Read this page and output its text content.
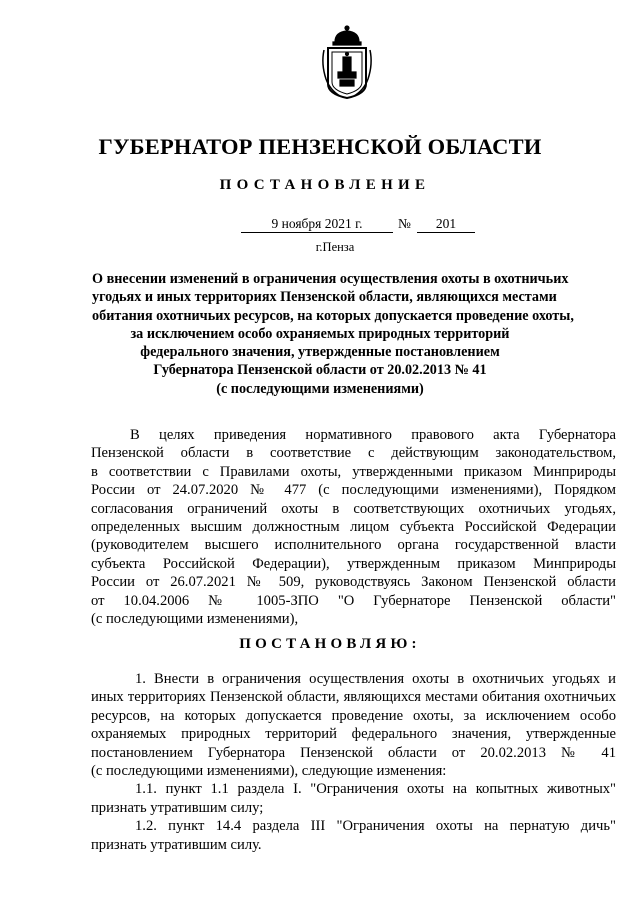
ГУБЕРНАТОР ПЕНЗЕНСКОЙ ОБЛАСТИ
ПОСТАНОВЛЕНИЕ
9 ноября 2021 г.	№	201
г.Пенза
О внесении изменений в ограничения осуществления охоты в охотничьих
угодьях и иных территориях Пензенской области, являющихся местами
обитания охотничьих ресурсов, на которых допускается проведение охоты,
за исключением особо охраняемых природных территорий
федерального значения, утвержденные постановлением
Губернатора Пензенской области от 20.02.2013 № 41
(с последующими изменениями)
В целях приведения нормативного правового акта Губернатора
Пензенской области в соответствие с действующим законодательством,
в соответствии с Правилами охоты, утвержденными приказом Минприроды
России от 24.07.2020 № 477 (с последующими изменениями), Порядком
согласования ограничений охоты в соответствующих охотничьих угодьях,
определенных высшим должностным лицом субъекта Российской Федерации
(руководителем высшего исполнительного органа государственной власти
субъекта Российской Федерации), утвержденным приказом Минприроды
России от 26.07.2021 № 509, руководствуясь Законом Пензенской области
от 10.04.2006 № 1005-ЗПО "О Губернаторе Пензенской области"
(с последующими изменениями),
ПОСТАНОВЛЯЮ:
1. Внести в ограничения осуществления охоты в охотничьих угодьях и
иных территориях Пензенской области, являющихся местами обитания охотничьих
ресурсов, на которых допускается проведение охоты, за исключением особо
охраняемых природных территорий федерального значения, утвержденные
постановлением Губернатора Пензенской области от 20.02.2013 № 41
(с последующими изменениями), следующие изменения:
1.1. пункт 1.1 раздела I. "Ограничения охоты на копытных животных"
признать утратившим силу;
1.2. пункт 14.4 раздела III "Ограничения охоты на пернатую дичь"
признать утратившим силу.
